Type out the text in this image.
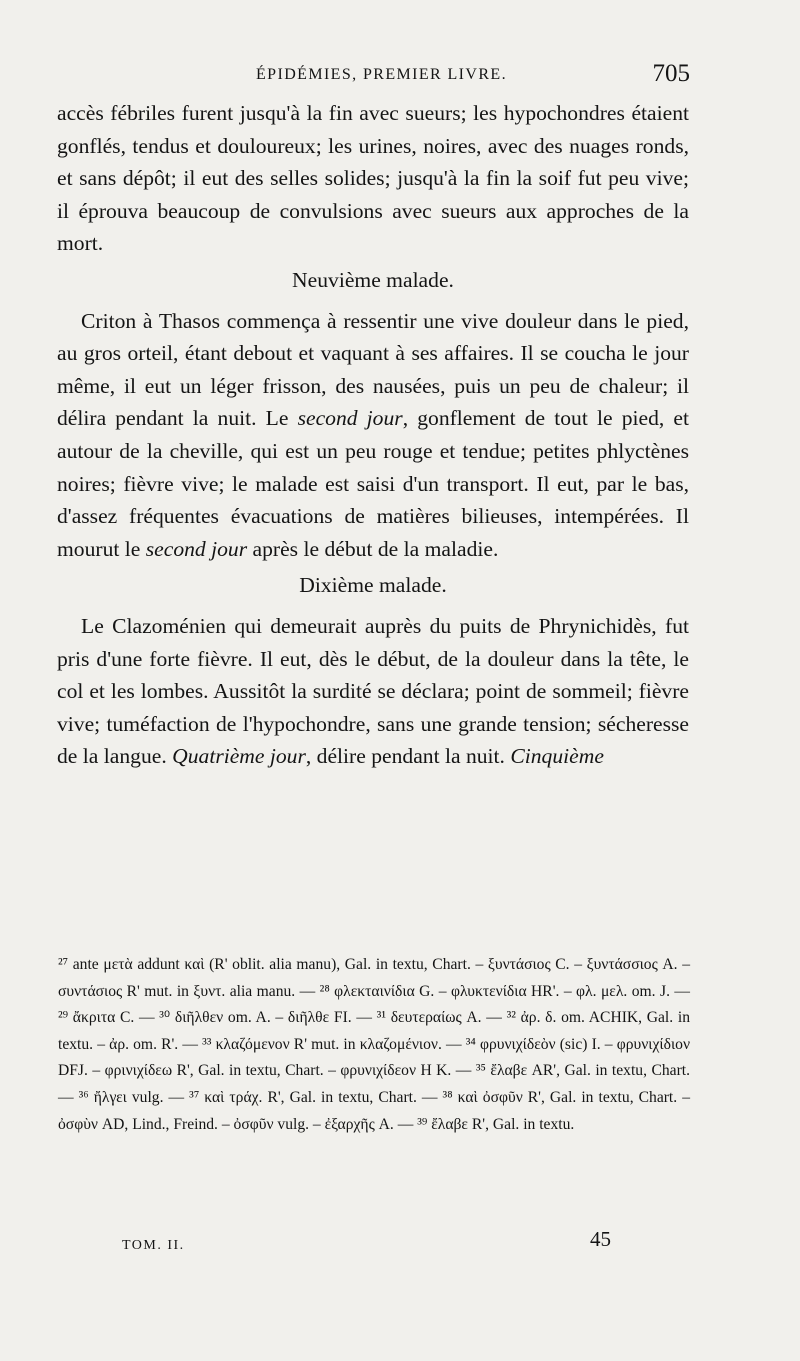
ÉPIDÉMIES, PREMIER LIVRE.	705

accès fébriles furent jusqu'à la fin avec sueurs; les hypochondres étaient gonflés, tendus et douloureux; les urines, noires, avec des nuages ronds, et sans dépôt; il eut des selles solides; jusqu'à la fin la soif fut peu vive; il éprouva beaucoup de convulsions avec sueurs aux approches de la mort.

Neuvième malade.

Criton à Thasos commença à ressentir une vive douleur dans le pied, au gros orteil, étant debout et vaquant à ses affaires. Il se coucha le jour même, il eut un léger frisson, des nausées, puis un peu de chaleur; il délira pendant la nuit. Le second jour, gonflement de tout le pied, et autour de la cheville, qui est un peu rouge et tendue; petites phlyctènes noires; fièvre vive; le malade est saisi d'un transport. Il eut, par le bas, d'assez fréquentes évacuations de matières bilieuses, intempérées. Il mourut le second jour après le début de la maladie.

Dixième malade.

Le Clazoménien qui demeurait auprès du puits de Phrynichidès, fut pris d'une forte fièvre. Il eut, dès le début, de la douleur dans la tête, le col et les lombes. Aussitôt la surdité se déclara; point de sommeil; fièvre vive; tuméfaction de l'hypochondre, sans une grande tension; sécheresse de la langue. Quatrième jour, délire pendant la nuit. Cinquième

²⁷ ante μετὰ addunt καὶ (R' oblit. alia manu), Gal. in textu, Chart. – ξυντάσιος C. – ξυντάσσιος A. – συντάσιος R' mut. in ξυντ. alia manu. — ²⁸ φλεκταινίδια G. – φλυκτενίδια HR'. – φλ. μελ. om. J. — ²⁹ ἄκριτα C. — ³⁰ διῆλθεν om. A. – διῆλθε FI. — ³¹ δευτεραίως A. — ³² ἀρ. δ. om. ACHIK, Gal. in textu. – ἀρ. om. R'. — ³³ κλαζόμενον R' mut. in κλαζομένιον. — ³⁴ φρυνιχίδεὸν (sic) I. – φρυνιχίδιον DFJ. – φρινιχίδεω R', Gal. in textu, Chart. – φρυνιχίδεον H K. — ³⁵ ἔλαβε AR', Gal. in textu, Chart. — ³⁶ ἤλγει vulg. — ³⁷ καὶ τράχ. R', Gal. in textu, Chart. — ³⁸ καὶ ὀσφῦν R', Gal. in textu, Chart. – ὀσφὺν AD, Lind., Freind. – ὀσφῦν vulg. – ἐξαρχῆς A. — ³⁹ ἔλαβε R', Gal. in textu.

TOM. II.	45
